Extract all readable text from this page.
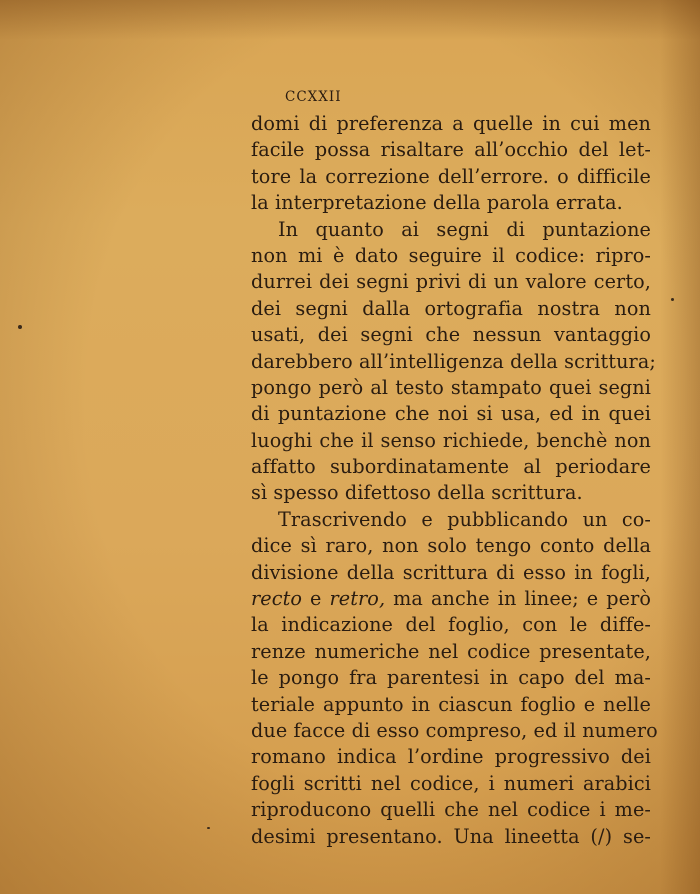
CCXXII
domi di preferenza a quelle in cui men
facile possa risaltare all’occhio del let-
tore la correzione dell’errore. o difficile
la interpretazione della parola errata.
In quanto ai segni di puntazione
non mi è dato seguire il codice: ripro-
durrei dei segni privi di un valore certo,
dei segni dalla ortografia nostra non
usati, dei segni che nessun vantaggio
darebbero all’intelligenza della scrittura;
pongo però al testo stampato quei segni
di puntazione che noi si usa, ed in quei
luoghi che il senso richiede, benchè non
affatto subordinatamente al periodare
sì spesso difettoso della scrittura.
Trascrivendo e pubblicando un co-
dice sì raro, non solo tengo conto della
divisione della scrittura di esso in fogli,
recto e retro, ma anche in linee; e però
la indicazione del foglio, con le diffe-
renze numeriche nel codice presentate,
le pongo fra parentesi in capo del ma-
teriale appunto in ciascun foglio e nelle
due facce di esso compreso, ed il numero
romano indica l’ordine progressivo dei
fogli scritti nel codice, i numeri arabici
riproducono quelli che nel codice i me-
desimi presentano. Una lineetta (/) se-
